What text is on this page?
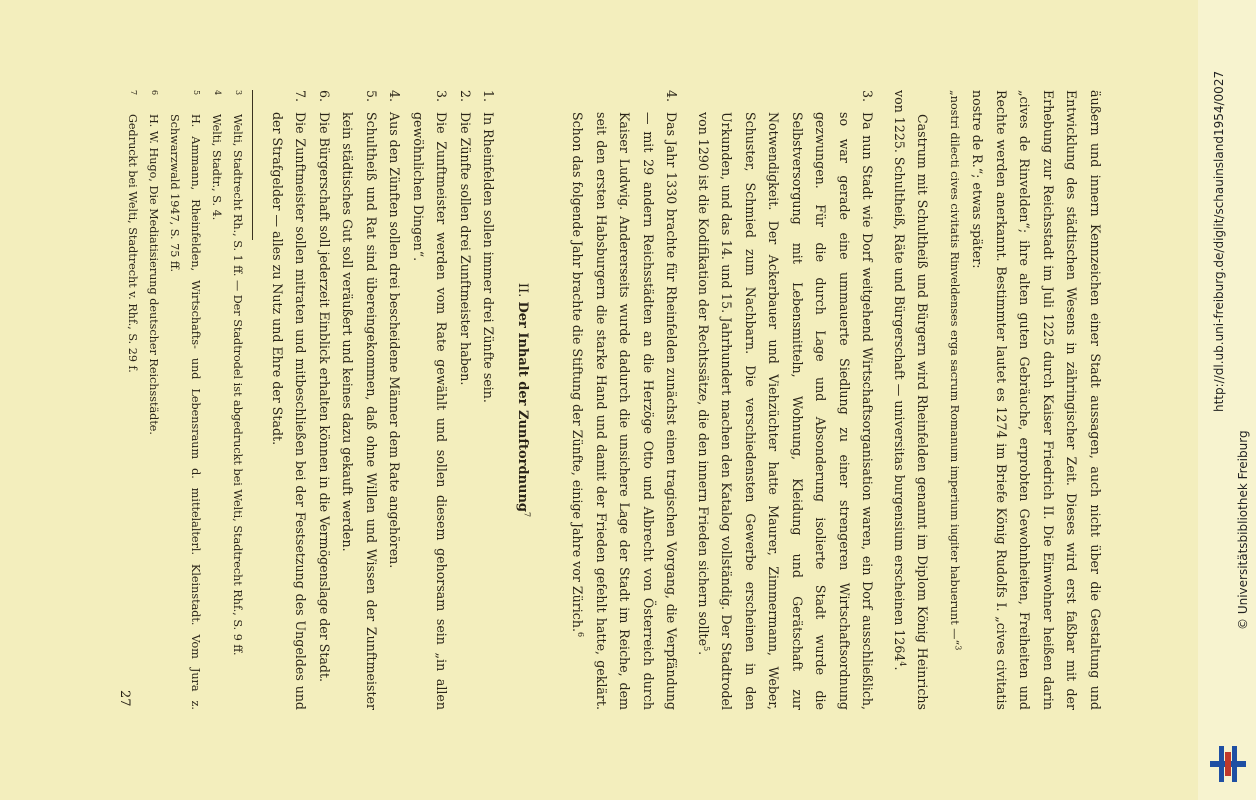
äußern und innern Kennzeichen einer Stadt aussagen, auch nicht über die Gestaltung und Entwicklung des städtischen Wesens in zähringischer Zeit. Dieses wird erst faßbar mit der Erhebung zur Reichsstadt im Juli 1225 durch Kaiser Friedrich II. Die Einwohner heißen darin „cives de Rinvelden“; ihre alten guten Gebräuche, erprobten Gewohnheiten, Freiheiten und Rechte werden anerkannt. Bestimmter lautet es 1274 im Briefe König Rudolfs I. „cives civitatis nostre de R.“; etwas später:

„nostri dilecti cives civitatis Rinveldenses erga sacrum Romanum imperium iugiter habuerunt —“$^3$

Castrum mit Schultheiß und Bürgern wird Rheinfelden genannt im Diplom König Heinrichs von 1225. Schultheiß, Räte und Bürgerschaft — universitas burgensium erscheinen 1264$^4$.

3.
Da nun Stadt wie Dorf weitgehend Wirtschaftsorganisation waren, ein Dorf ausschließlich, so war gerade eine ummauerte Siedlung zu einer strengeren Wirtschaftsordnung gezwungen. Für die durch Lage und Absonderung isolierte Stadt wurde die Selbstversorgung mit Lebensmitteln, Wohnung, Kleidung und Gerätschaft zur Notwendigkeit. Der Ackerbauer und Viehzüchter hatte Maurer, Zimmermann, Weber, Schuster, Schmied zum Nachbarn. Die verschiedensten Gewerbe erscheinen in den Urkunden, und das 14. und 15. Jahrhundert machen den Katalog vollständig. Der Stadtrodel von 1290 ist die Kodifikation der Rechtssätze, die den innern Frieden sichern sollte$^5$.
4.
Das Jahr 1330 brachte für Rheinfelden zunächst einen tragischen Vorgang, die Verpfändung — mit 29 andern Reichsstädten an die Herzöge Otto und Albrecht von Österreich durch Kaiser Ludwig. Andererseits wurde dadurch die unsichere Lage der Stadt im Reiche, dem seit den ersten Habsburgern die starke Hand und damit der Frieden gefehlt hatte, geklärt. Schon das folgende Jahr brachte die Stiftung der Zünfte, einige Jahre vor Zürich.$^6$
II. Der Inhalt der Zunftordnung$^7$
1.
In Rheinfelden sollen immer drei Zünfte sein.
2.
Die Zünfte sollen drei Zunftmeister haben.
3.
Die Zunftmeister werden vom Rate gewählt und sollen diesem gehorsam sein „in allen gewöhnlichen Dingen“.
4.
Aus den Zünften sollen drei bescheidene Männer dem Rate angehören.
5.
Schultheiß und Rat sind übereingekommen, daß ohne Willen und Wissen der Zunftmeister kein städtisches Gut soll veräußert und keines dazu gekauft werden.
6.
Die Bürgerschaft soll jederzeit Einblick erhalten können in die Vermögenslage der Stadt.
7.
Die Zunftmeister sollen mitraten und mitbeschließen bei der Festsetzung des Ungeldes und der Strafgelder — alles zu Nutz und Ehre der Stadt.
3
Welti, Stadtrecht Rh., S. 1 ff. — Der Stadtrodel ist abgedruckt bei Welti, Stadtrecht Rhf., S. 9 ff.
4
Welti, Stadtr., S. 4.
5
H. Ammann, Rheinfelden, Wirtschafts- und Lebensraum d. mittelalterl. Kleinstadt. Vom Jura z. Schwarzwald 1947, S. 75 ff.
6
H. W. Hugo, Die Mediatisierung deutscher Reichsstädte.
7
Gedruckt bei Welti, Stadtrecht v. Rhf., S. 29 f.
27
http://dl.ub.uni-freiburg.de/diglit/schauinsland1954/0027
© Universitätsbibliothek Freiburg
